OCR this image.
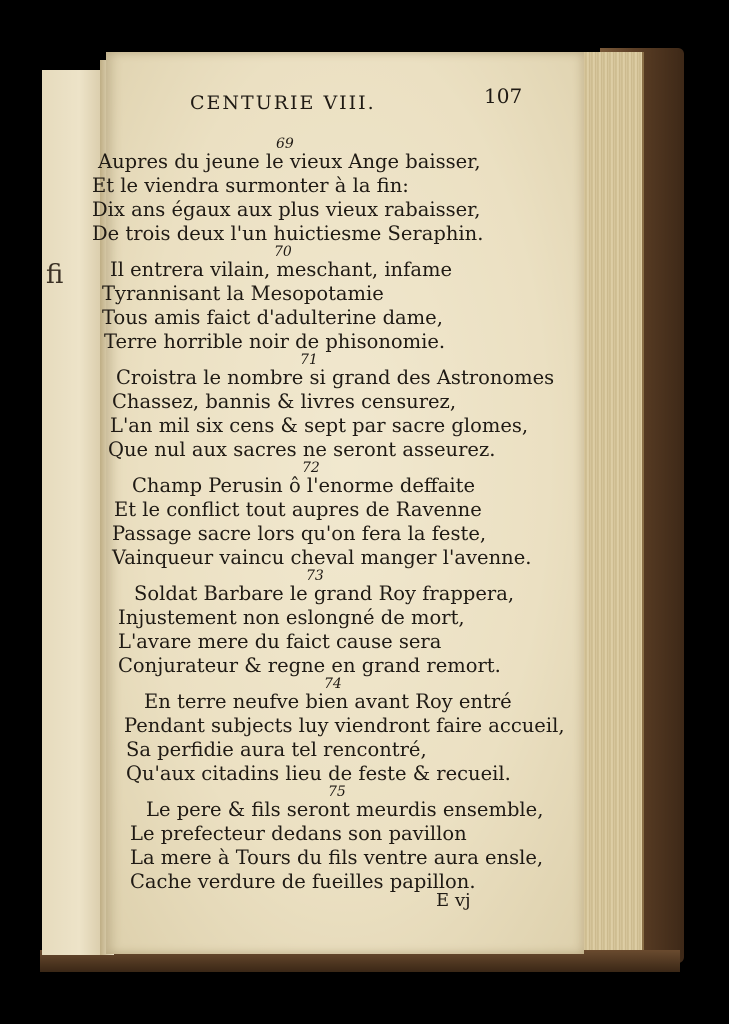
fi
CENTURIE VIII.	107
69
Aupres du jeune le vieux Ange baisser,
Et le viendra surmonter à la fin:
Dix ans égaux aux plus vieux rabaisser,
De trois deux l'un huictiesme Seraphin.
70
Il entrera vilain, meschant, infame
Tyrannisant la Mesopotamie
Tous amis faict d'adulterine dame,
Terre horrible noir de phisonomie.
71
Croistra le nombre si grand des Astronomes
Chassez, bannis & livres censurez,
L'an mil six cens & sept par sacre glomes,
Que nul aux sacres ne seront asseurez.
72
Champ Perusin ô l'enorme deffaite
Et le conflict tout aupres de Ravenne
Passage sacre lors qu'on fera la feste,
Vainqueur vaincu cheval manger l'avenne.
73
Soldat Barbare le grand Roy frappera,
Injustement non eslongné de mort,
L'avare mere du faict cause sera
Conjurateur & regne en grand remort.
74
En terre neufve bien avant Roy entré
Pendant subjects luy viendront faire accueil,
Sa perfidie aura tel rencontré,
Qu'aux citadins lieu de feste & recueil.
75
Le pere & fils seront meurdis ensemble,
Le prefecteur dedans son pavillon
La mere à Tours du fils ventre aura ensle,
Cache verdure de fueilles papillon.
E vj
